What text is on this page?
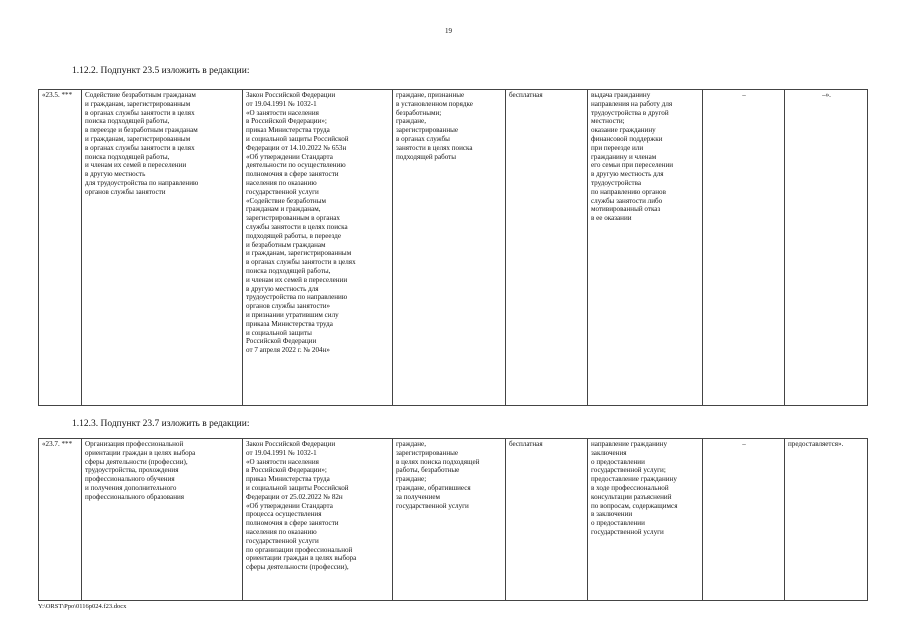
19
1.12.2. Подпункт 23.5 изложить в редакции:
«23.5. ***	Содействие безработным гражданам
и гражданам, зарегистрированным
в органах службы занятости в целях
поиска подходящей работы,
в переезде и безработным гражданам
и гражданам, зарегистрированным
в органах службы занятости в целях
поиска подходящей работы,
и членам их семей в переселении
в другую местность
для трудоустройства по направлению
органов службы занятости

Закон Российской Федерации
от 19.04.1991 № 1032-1
«О занятости населения
в Российской Федерации»;
приказ Министерства труда
и социальной защиты Российской
Федерации от 14.10.2022 № 653н
«Об утверждении Стандарта
деятельности по осуществлению
полномочия в сфере занятости
населения по оказанию
государственной услуги
«Содействие безработным
гражданам и гражданам,
зарегистрированным в органах
службы занятости в целях поиска
подходящей работы, в переезде
и безработным гражданам
и гражданам, зарегистрированным
в органах службы занятости в целях
поиска подходящей работы,
и членам их семей в переселении
в другую местность для
трудоустройства по направлению
органов службы занятости»
и признании утратившим силу
приказа Министерства труда
и социальной защиты
Российской Федерации
от 7 апреля 2022 г. № 204н»

граждане, признанные
в установленном порядке
безработными;
граждане,
зарегистрированные
в органах службы
занятости в целях поиска
подходящей работы
	бесплатная	выдача гражданину
направления на работу для
трудоустройства в другой
местности;
оказание гражданину
финансовой поддержки
при переезде или
гражданину и членам
его семьи при переселении
в другую местность для
трудоустройства
по направлению органов
службы занятости либо
мотивированный отказ
в ее оказании
	–	–».
1.12.3. Подпункт 23.7 изложить в редакции:
«23.7. ***	Организация профессиональной
ориентации граждан в целях выбора
сферы деятельности (профессии),
трудоустройства, прохождения
профессионального обучения
и получения дополнительного
профессионального образования

Закон Российской Федерации
от 19.04.1991 № 1032-1
«О занятости населения
в Российской Федерации»;
приказ Министерства труда
и социальной защиты Российской
Федерации от 25.02.2022 № 82н
«Об утверждении Стандарта
процесса осуществления
полномочия в сфере занятости
населения по оказанию
государственной услуги
по организации профессиональной
ориентации граждан в целях выбора
сферы деятельности (профессии),

граждане,
зарегистрированные
в целях поиска подходящей
работы, безработные
граждане;
граждане, обратившиеся
за получением
государственной услуги
	бесплатная	направление гражданину
заключения
о предоставлении
государственной услуги;
предоставление гражданину
в ходе профессиональной
консультации разъяснений
по вопросам, содержащимся
в заключении
о предоставлении
государственной услуги
	–	предоставляется».
Y:\ORST\Ppo\0116p024.f23.docx
